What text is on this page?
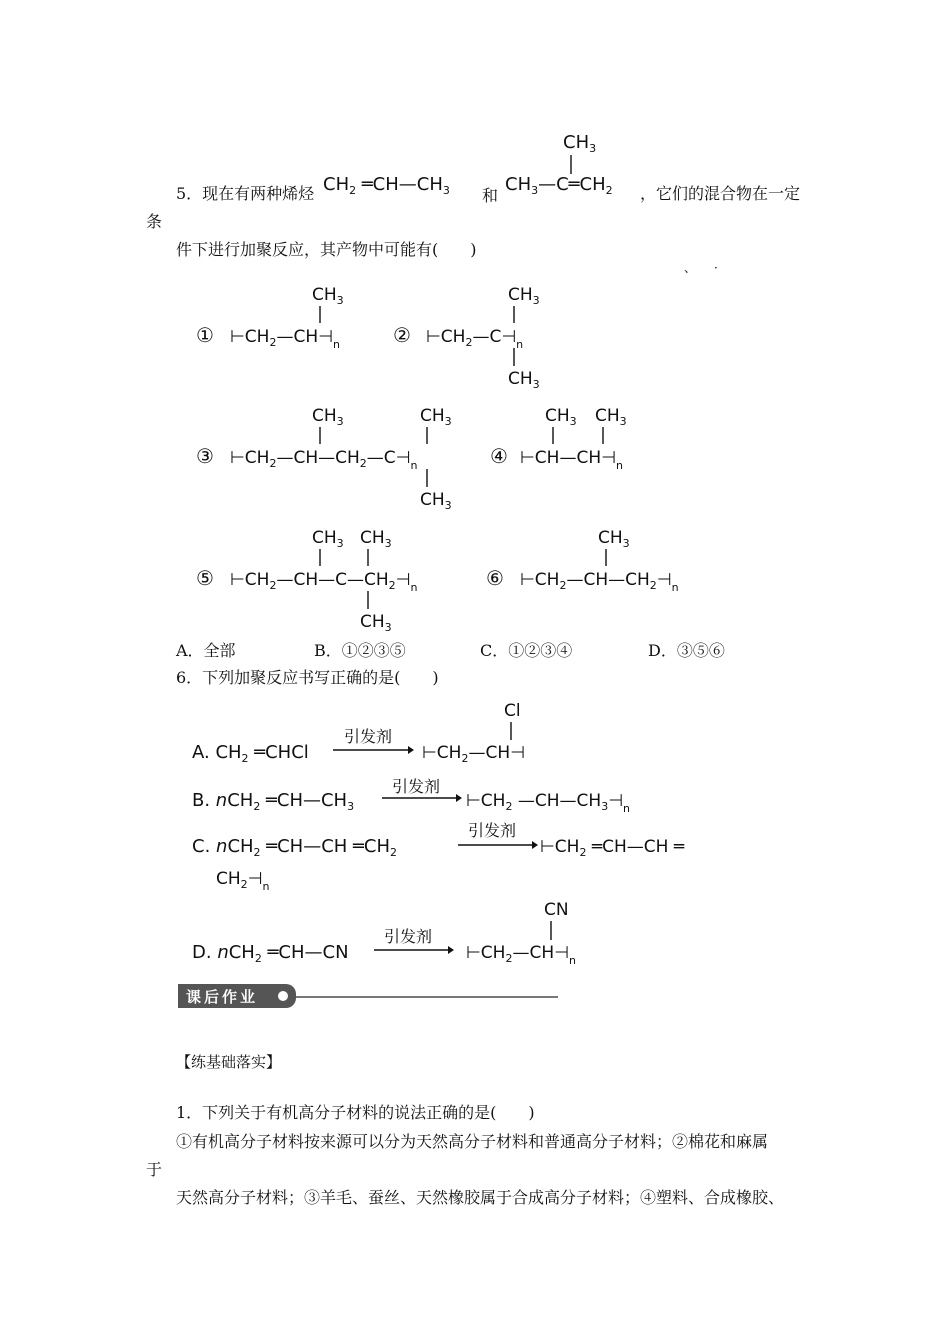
5．现在有两种烯烃	和	，它们的混合物在一定
条
件下进行加聚反应，其产物中可能有(　　)
、　　·
$CH_2$ $═CH—CH_3$
$CH_3$
$CH_3—C═CH_2$
①
$CH_3$
$⊢CH_2—CH⊣_n$	②
$CH_3$
$⊢CH_2—C⊣_n$
$CH_3$
③
$CH_3$	$CH_3$
$⊢CH_2—CH—CH_2—C⊣_n$
$CH_3$
④
$CH_3$ $CH_3$
$⊢CH—CH⊣_n$
⑤
$CH_3$ $CH_3$
$⊢CH_2—CH—C—CH_2⊣_n$
$CH_3$
⑥
$CH_3$
$⊢CH_2—CH—CH_2⊣_n$
A．全部	B．①②③⑤	C．①②③④	D．③⑤⑥
6．下列加聚反应书写正确的是(　　)
A. $CH_2$ ═CHCl
引发剂
Cl
$⊢CH_2—CH⊣$
B. nCH$_2$ $═CH—CH_3$
引发剂
$⊢CH_2$ $—CH—CH_3⊣_n$
C. nCH$_2$ ═CH—CH $═CH_2$
引发剂
$⊢CH_2$ ═CH—CH ═
$CH_2⊣_n$
D. nCH$_2$ ═CH—CN
引发剂
CN
$⊢CH_2—CH⊣_n$
课后作业
【练基础落实】
1．下列关于有机高分子材料的说法正确的是(　　)
①有机高分子材料按来源可以分为天然高分子材料和普通高分子材料；②棉花和麻属
于
天然高分子材料；③羊毛、蚕丝、天然橡胶属于合成高分子材料；④塑料、合成橡胶、
